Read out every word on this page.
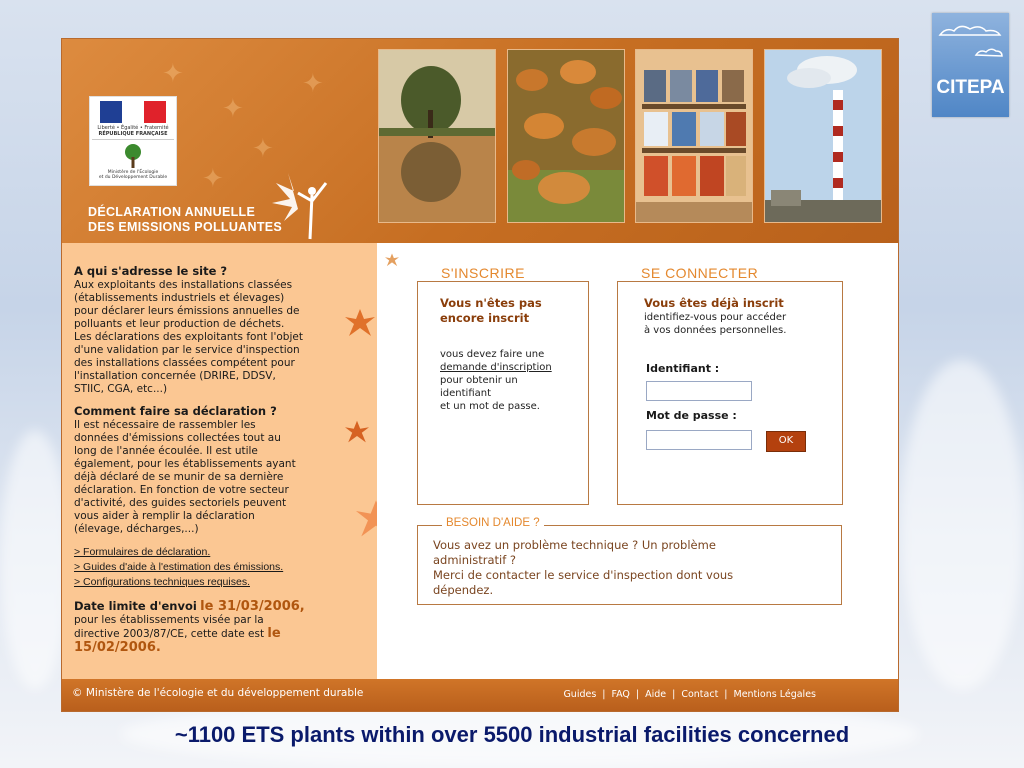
CITEPA
✦
✦
✦
✦
✦
Liberté • Égalité • Fraternité
RÉPUBLIQUE FRANÇAISE
Ministère de l'Écologie
et du Développement Durable
DÉCLARATION ANNUELLE
DES EMISSIONS POLLUANTES

A qui s'adresse le site ?
Aux exploitants des installations classées
(établissements industriels et élevages)
pour déclarer leurs émissions annuelles de
polluants et leur production de déchets.
Les déclarations des exploitants font l'objet
d'une validation par le service d'inspection
des installations classées compétent pour
l'installation concernée (DRIRE, DDSV,
STIIC, CGA, etc...)

Comment faire sa déclaration ?
Il est nécessaire de rassembler les
données d'émissions collectées tout au
long de l'année écoulée. Il est utile
également, pour les établissements ayant
déjà déclaré de se munir de sa dernière
déclaration. En fonction de votre secteur
d'activité, des guides sectoriels peuvent
vous aider à remplir la déclaration
(élevage, décharges,...)

> Formulaires de déclaration.
> Guides d'aide à l'estimation des émissions.
> Configurations techniques requises.

Date limite d'envoi le 31/03/2006,
pour les établissements visée par la
directive 2003/87/CE, cette date est le
15/02/2006.

S'INSCRIRE	SE CONNECTER
Vous n'êtes pas
encore inscrit
vous devez faire une
demande d'inscription
pour obtenir un
identifiant
et un mot de passe.
Vous êtes déjà inscrit
identifiez-vous pour accéder
à vos données personnelles.
Identifiant :
Mot de passe :
OK
BESOIN D'AIDE ?
Vous avez un problème technique ? Un problème
administratif ?
Merci de contacter le service d'inspection dont vous
dépendez.
© Ministère de l'écologie et du développement durable	Guides | FAQ | Aide | Contact | Mentions Légales
~1100 ETS plants within over 5500 industrial facilities concerned
